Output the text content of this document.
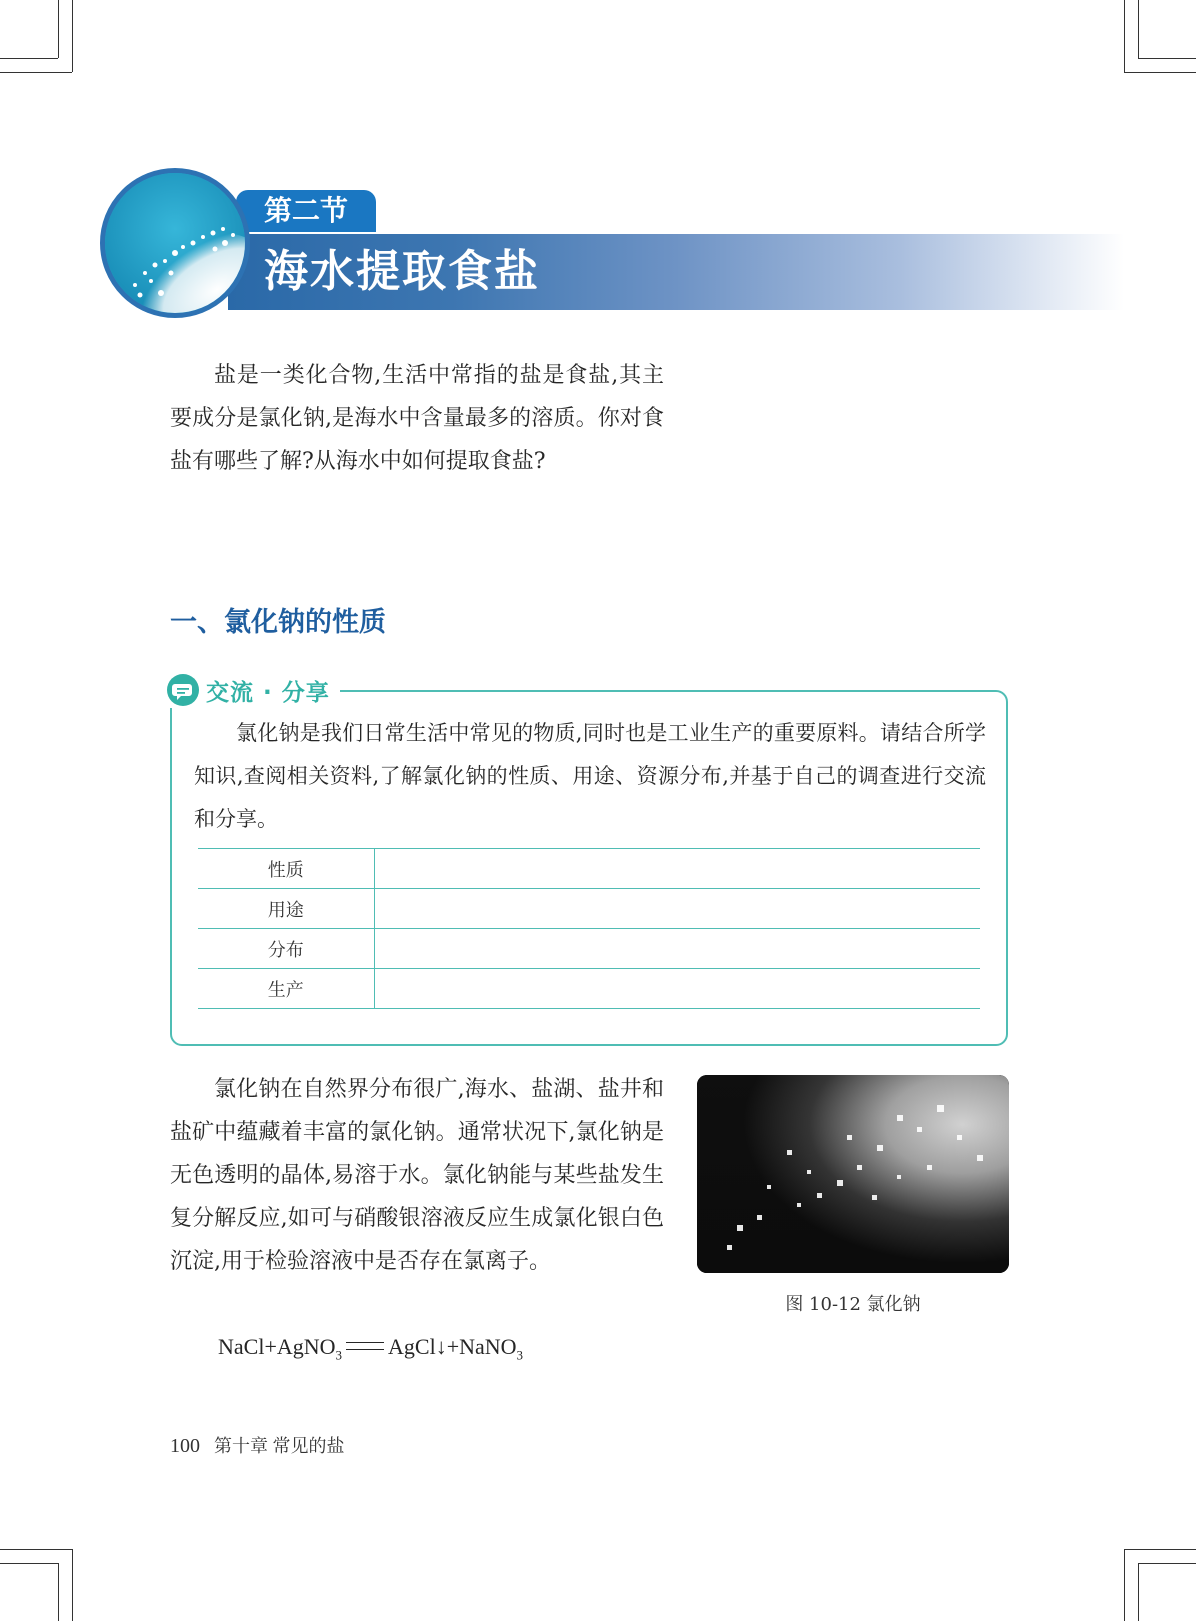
第二节
海水提取食盐
盐是一类化合物,生活中常指的盐是食盐,其主要成分是氯化钠,是海水中含量最多的溶质。你对食盐有哪些了解?从海水中如何提取食盐?
一、氯化钠的性质
交流 · 分享
氯化钠是我们日常生活中常见的物质,同时也是工业生产的重要原料。请结合所学知识,查阅相关资料,了解氯化钠的性质、用途、资源分布,并基于自己的调查进行交流和分享。
性质	
用途	
分布	
生产	
氯化钠在自然界分布很广,海水、盐湖、盐井和盐矿中蕴藏着丰富的氯化钠。通常状况下,氯化钠是无色透明的晶体,易溶于水。氯化钠能与某些盐发生复分解反应,如可与硝酸银溶液反应生成氯化银白色沉淀,用于检验溶液中是否存在氯离子。
图 10-12 氯化钠
NaCl+AgNO$_3$ AgCl↓+NaNO$_3$
100 第十章 常见的盐
